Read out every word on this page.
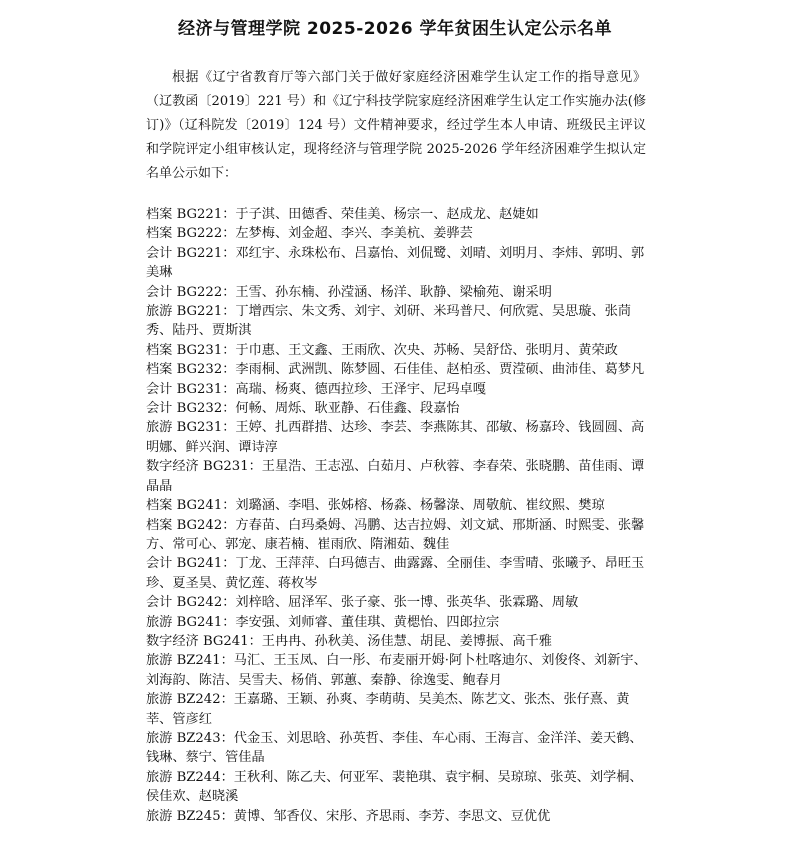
经济与管理学院 2025-2026 学年贫困生认定公示名单
根据《辽宁省教育厅等六部门关于做好家庭经济困难学生认定工作的指导意见》（辽教函〔2019〕221 号）和《辽宁科技学院家庭经济困难学生认定工作实施办法(修订)》（辽科院发〔2019〕124 号）文件精神要求，经过学生本人申请、班级民主评议和学院评定小组审核认定，现将经济与管理学院 2025-2026 学年经济困难学生拟认定名单公示如下：
档案 BG221：于子淇、田德香、荣佳美、杨宗一、赵成龙、赵婕如
档案 BG222：左梦梅、刘金超、李兴、李美杭、姜骅芸
会计 BG221：邓红宇、永珠松布、吕嘉怡、刘侃鹭、刘晴、刘明月、李炜、郭明、郭美琳
会计 BG222：王雪、孙东楠、孙滢涵、杨洋、耿静、梁榆苑、谢采明
旅游 BG221：丁增西宗、朱文秀、刘宇、刘研、米玛普尺、何欣霓、吴思璇、张茼秀、陆丹、贾斯淇
档案 BG231：于巾惠、王文鑫、王雨欣、次央、苏畅、吴舒岱、张明月、黄荣政
档案 BG232：李雨桐、武洲凯、陈梦圆、石佳佳、赵柏丞、贾滢硕、曲沛佳、葛梦凡
会计 BG231：高瑞、杨爽、德西拉珍、王泽宇、尼玛卓嘎
会计 BG232：何畅、周烁、耿亚静、石佳鑫、段嘉怡
旅游 BG231：王婷、扎西群措、达珍、李芸、李燕陈其、邵敏、杨嘉玲、钱圆圆、高明娜、鲜兴润、谭诗淳
数字经济 BG231：王星浩、王志泓、白茹月、卢秋蓉、李春荣、张晓鹏、苗佳雨、谭晶晶
档案 BG241：刘璐涵、李唱、张姊榕、杨淼、杨馨淥、周敬航、崔纹熙、樊琼
档案 BG242：方春苗、白玛桑姆、冯鹏、达吉拉姆、刘文斌、邢斯涵、时熙雯、张馨方、常可心、郭宠、康若楠、崔雨欣、隋湘茹、魏佳
会计 BG241：丁龙、王萍萍、白玛德吉、曲露露、全丽佳、李雪晴、张曦予、昂旺玉珍、夏圣昊、黄忆莲、蒋枚岑
会计 BG242：刘梓晗、屈泽军、张子豪、张一博、张英华、张霖璐、周敏
旅游 BG241：李安强、刘师睿、董佳琪、黄楒怡、四郎拉宗
数字经济 BG241：王冉冉、孙秋美、汤佳慧、胡昆、姜博振、高千雅
旅游 BZ241：马汇、王玉凤、白一彤、布麦丽开姆·阿卜杜喀迪尔、刘俊佟、刘新宇、刘海韵、陈洁、吴雪夫、杨俏、郭蕙、秦静、徐逸雯、鲍春月
旅游 BZ242：王嘉璐、王颖、孙爽、李萌萌、吴美杰、陈艺文、张杰、张仔熹、黄莘、管彦红
旅游 BZ243：代金玉、刘思晗、孙英哲、李佳、车心雨、王海言、金洋洋、姜天鹤、钱琳、蔡宁、管佳晶
旅游 BZ244：王秋利、陈乙夫、何亚军、裴艳琪、袁宇桐、吴琼琼、张英、刘学桐、侯佳欢、赵晓溪
旅游 BZ245：黄博、邹香仪、宋彤、齐思雨、李芳、李思文、豆优优
